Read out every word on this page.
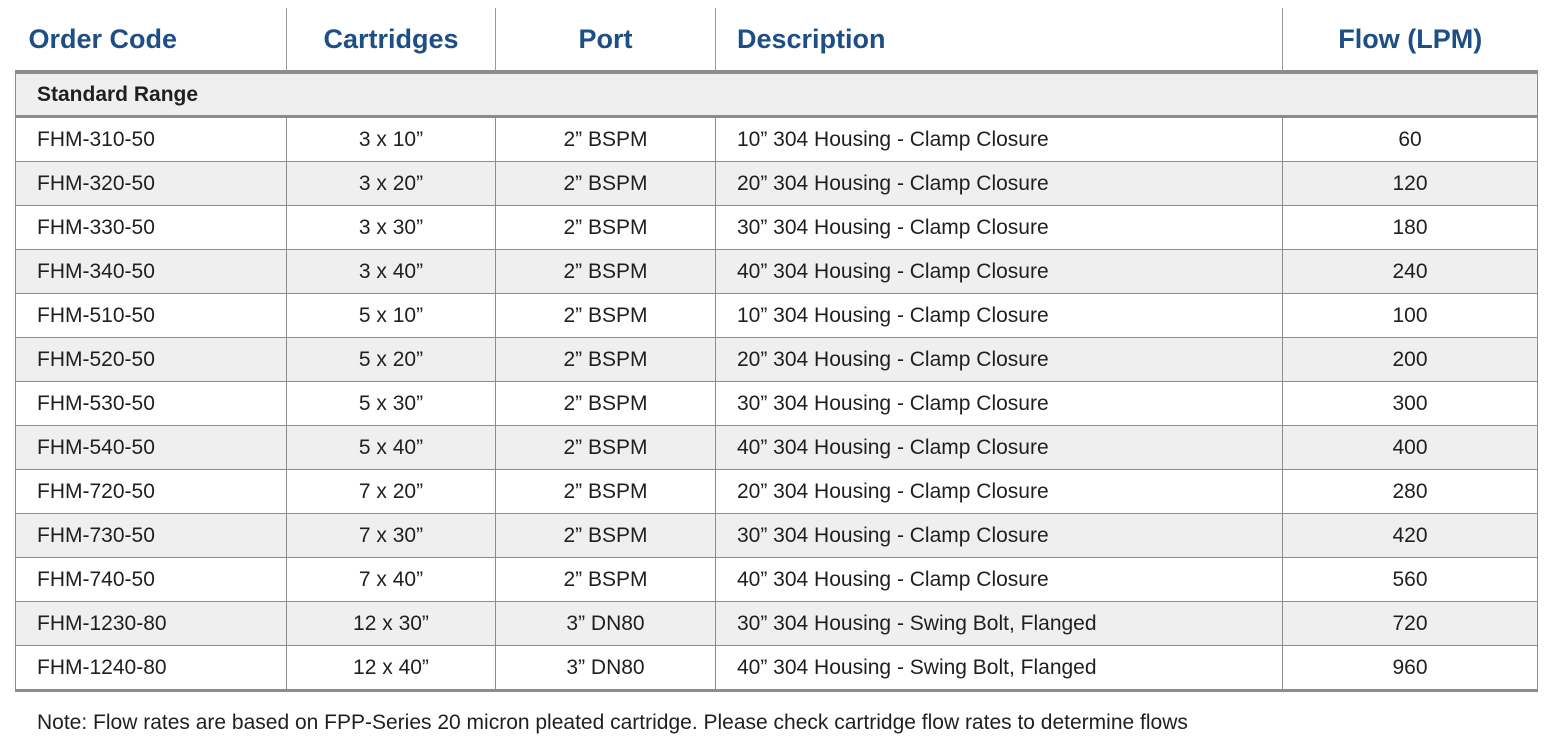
Order Code	Cartridges	Port	Description	Flow (LPM)
Standard Range				
FHM-310-50	3 x 10”	2” BSPM	10” 304 Housing - Clamp Closure	60
FHM-320-50	3 x 20”	2” BSPM	20” 304 Housing - Clamp Closure	120
FHM-330-50	3 x 30”	2” BSPM	30” 304 Housing - Clamp Closure	180
FHM-340-50	3 x 40”	2” BSPM	40” 304 Housing - Clamp Closure	240
FHM-510-50	5 x 10”	2” BSPM	10” 304 Housing - Clamp Closure	100
FHM-520-50	5 x 20”	2” BSPM	20” 304 Housing - Clamp Closure	200
FHM-530-50	5 x 30”	2” BSPM	30” 304 Housing - Clamp Closure	300
FHM-540-50	5 x 40”	2” BSPM	40” 304 Housing - Clamp Closure	400
FHM-720-50	7 x 20”	2” BSPM	20” 304 Housing - Clamp Closure	280
FHM-730-50	7 x 30”	2” BSPM	30” 304 Housing - Clamp Closure	420
FHM-740-50	7 x 40”	2” BSPM	40” 304 Housing - Clamp Closure	560
FHM-1230-80	12 x 30”	3” DN80	30” 304 Housing - Swing Bolt, Flanged	720
FHM-1240-80	12 x 40”	3” DN80	40” 304 Housing - Swing Bolt, Flanged	960
Note: Flow rates are based on FPP-Series 20 micron pleated cartridge. Please check cartridge flow rates to determine flows
